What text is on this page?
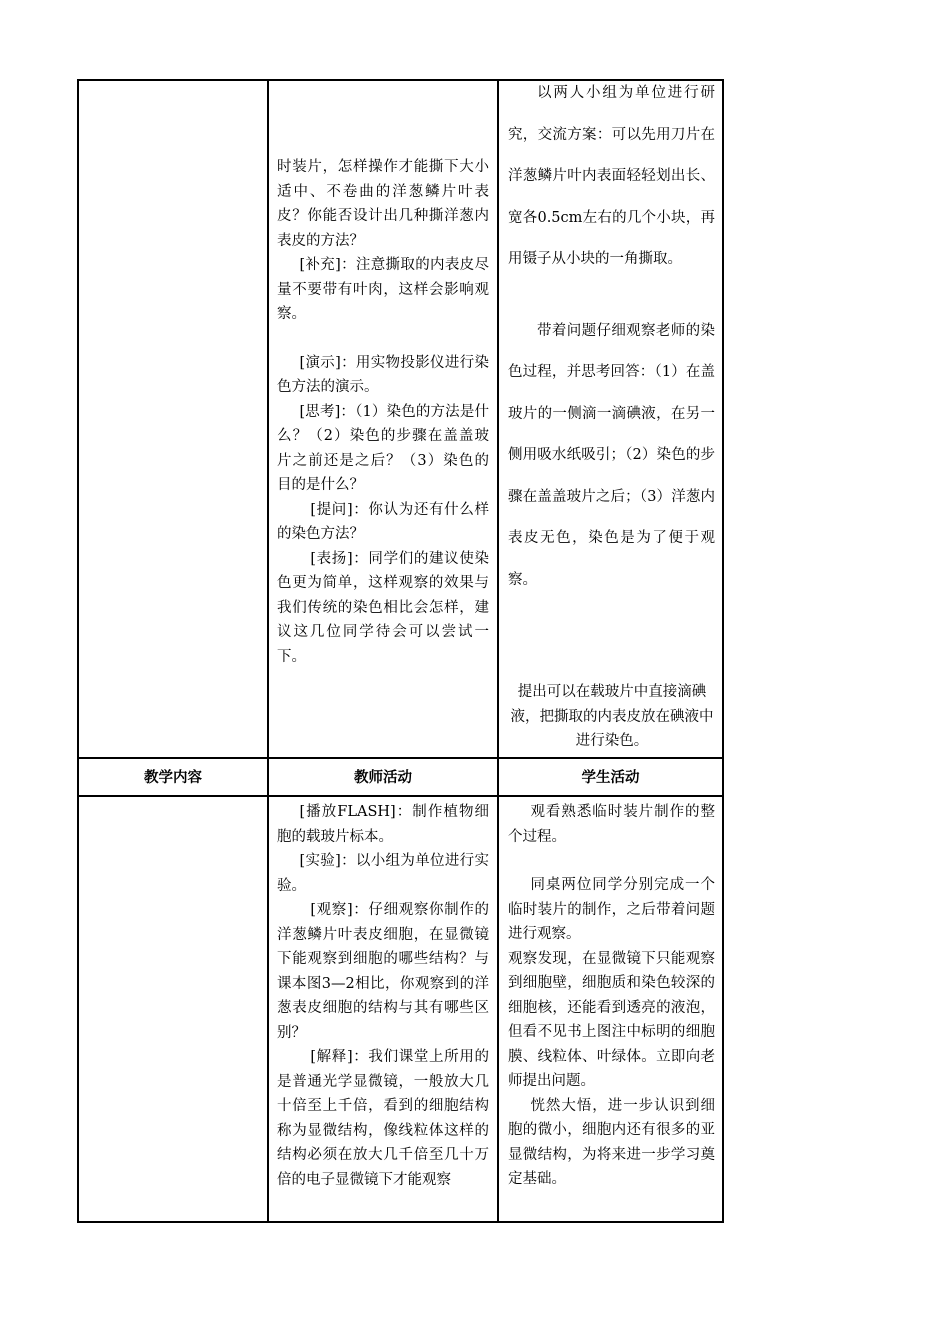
时装片，怎样操作才能撕下大小适中、不卷曲的洋葱鳞片叶表皮？你能否设计出几种撕洋葱内表皮的方法？

[补充]：注意撕取的内表皮尽量不要带有叶肉，这样会影响观察。

[演示]：用实物投影仪进行染色方法的演示。

[思考]：（1）染色的方法是什么？（2）染色的步骤在盖盖玻片之前还是之后？（3）染色的目的是什么？

[提问]：你认为还有什么样的染色方法？

[表扬]：同学们的建议使染色更为简单，这样观察的效果与我们传统的染色相比会怎样，建议这几位同学待会可以尝试一下。

以两人小组为单位进行研究，交流方案：可以先用刀片在洋葱鳞片叶内表面轻轻划出长、宽各0.5cm左右的几个小块，再用镊子从小块的一角撕取。

带着问题仔细观察老师的染色过程，并思考回答：（1）在盖玻片的一侧滴一滴碘液，在另一侧用吸水纸吸引；（2）染色的步骤在盖盖玻片之后；（3）洋葱内表皮无色，染色是为了便于观察。

提出可以在载玻片中直接滴碘液，把撕取的内表皮放在碘液中进行染色。

教学内容	教师活动	学生活动

[播放FLASH]：制作植物细胞的载玻片标本。

[实验]：以小组为单位进行实验。

[观察]：仔细观察你制作的洋葱鳞片叶表皮细胞，在显微镜下能观察到细胞的哪些结构？与课本图3—2相比，你观察到的洋葱表皮细胞的结构与其有哪些区别？

[解释]：我们课堂上所用的是普通光学显微镜，一般放大几十倍至上千倍，看到的细胞结构称为显微结构，像线粒体这样的结构必须在放大几千倍至几十万倍的电子显微镜下才能观察

观看熟悉临时装片制作的整个过程。

同桌两位同学分别完成一个临时装片的制作，之后带着问题进行观察。

观察发现，在显微镜下只能观察到细胞壁，细胞质和染色较深的细胞核，还能看到透亮的液泡，但看不见书上图注中标明的细胞膜、线粒体、叶绿体。立即向老师提出问题。

恍然大悟，进一步认识到细胞的微小，细胞内还有很多的亚显微结构，为将来进一步学习奠定基础。
